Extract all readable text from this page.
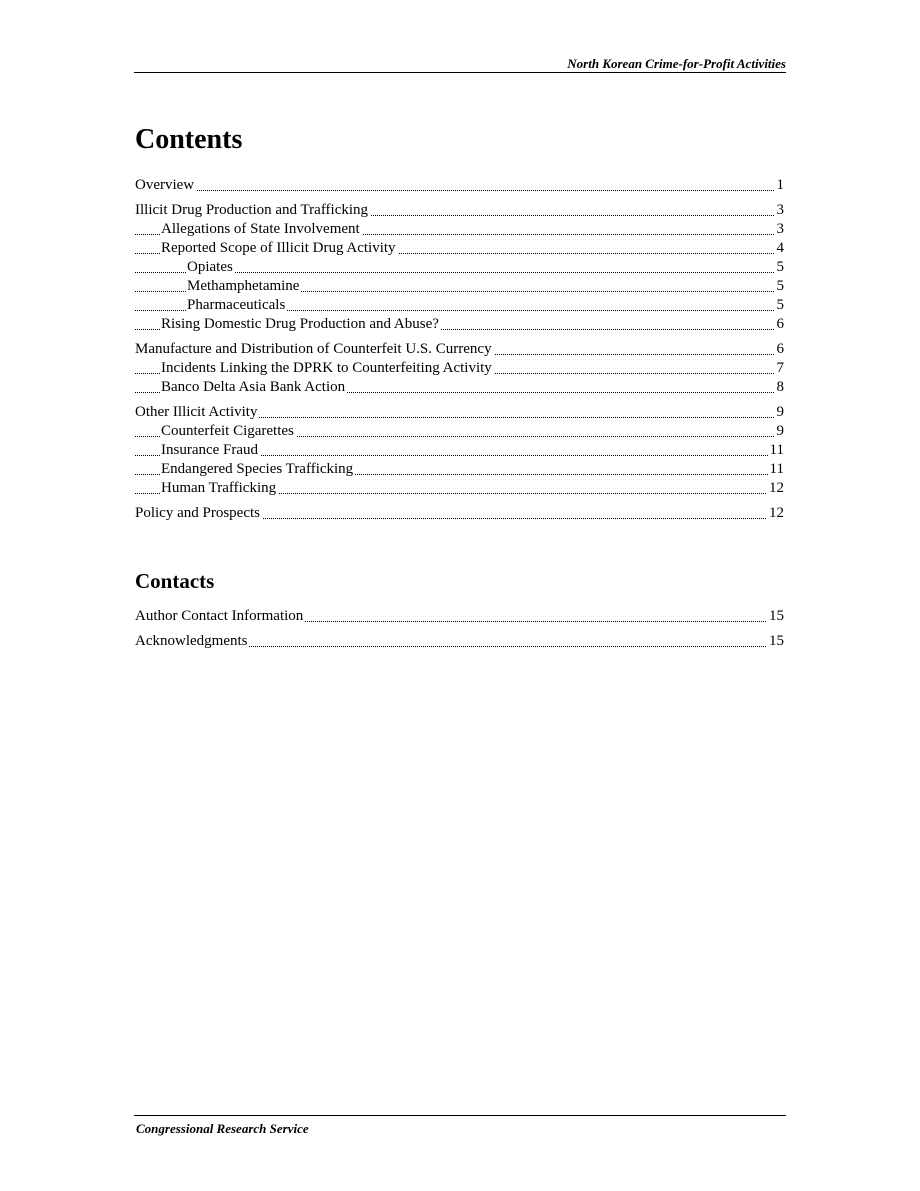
North Korean Crime-for-Profit Activities
Contents
Overview	1
Illicit Drug Production and Trafficking	3
Allegations of State Involvement	3
Reported Scope of Illicit Drug Activity	4
Opiates	5
Methamphetamine	5
Pharmaceuticals	5
Rising Domestic Drug Production and Abuse?	6
Manufacture and Distribution of Counterfeit U.S. Currency	6
Incidents Linking the DPRK to Counterfeiting Activity	7
Banco Delta Asia Bank Action	8
Other Illicit Activity	9
Counterfeit Cigarettes	9
Insurance Fraud	11
Endangered Species Trafficking	11
Human Trafficking	12
Policy and Prospects	12
Contacts
Author Contact Information	15
Acknowledgments	15
Congressional Research Service
